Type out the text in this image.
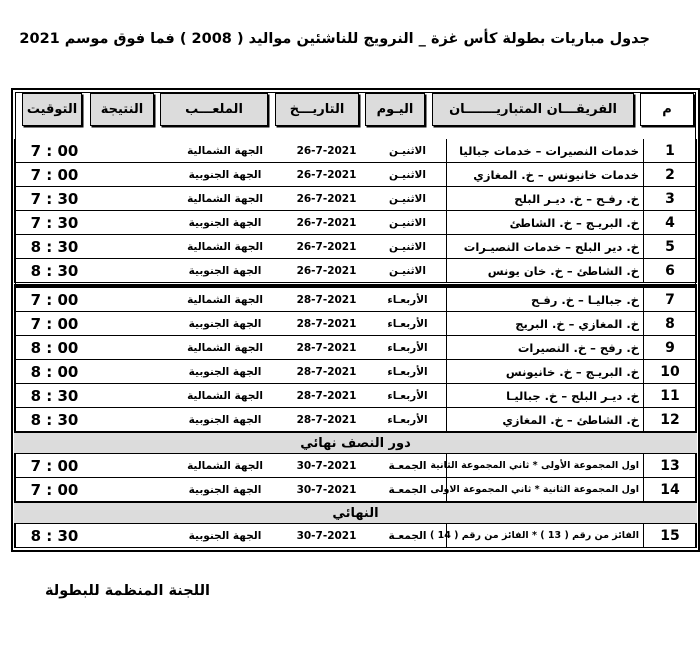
جدول مباريات بطولة كأس غزة _ النرويج للناشئين مواليد ( 2008 ) فما فوق موسم 2021
م
الفريقـــان المتباريـــــــان
اليـوم
التاريـــخ
الملعـــب
النتيجة
التوقيت
1
خدمات النصيرات – خدمات جباليا
الاثنيـن
26-7-2021
الجهة الشمالية
7 : 00
2
خدمات خانيونس – خ. المغازي
الاثنيـن
26-7-2021
الجهة الجنوبية
7 : 00
3
خ. رفـح – خ. ديـر البلح
الاثنيـن
26-7-2021
الجهة الشمالية
7 : 30
4
خ. البريـج – خ. الشاطئ
الاثنيـن
26-7-2021
الجهة الجنوبية
7 : 30
5
خ. دير البلح – خدمات النصيـرات
الاثنيـن
26-7-2021
الجهة الشمالية
8 : 30
6
خ. الشاطئ – خ. خان يونس
الاثنيـن
26-7-2021
الجهة الجنوبية
8 : 30
7
خ. جباليـا – خ. رفـح
الأربعـاء
28-7-2021
الجهة الشمالية
7 : 00
8
خ. المغازي – خ. البريج
الأربعـاء
28-7-2021
الجهة الجنوبية
7 : 00
9
خ. رفح – خ. النصيرات
الأربعـاء
28-7-2021
الجهة الشمالية
8 : 00
10
خ. البريـج – خ. خانيونس
الأربعـاء
28-7-2021
الجهة الجنوبية
8 : 00
11
خ. ديـر البلح – خ. جباليـا
الأربعـاء
28-7-2021
الجهة الشمالية
8 : 30
12
خ. الشاطئ – خ. المغازي
الأربعـاء
28-7-2021
الجهة الجنوبية
8 : 30
دور النصف نهائي
13
اول المجموعة الأولى * ثاني المجموعة الثانية
الجمعـة
30-7-2021
الجهة الشمالية
7 : 00
14
اول المجموعة الثانية * ثاني المجموعة الاولى
الجمعـة
30-7-2021
الجهة الجنوبية
7 : 00
النهائي
15
الفائز من رقم ( 13 ) * الفائز من رقم ( 14 )
الجمعـة
30-7-2021
الجهة الجنوبية
8 : 30
اللجنة المنظمة للبطولة
